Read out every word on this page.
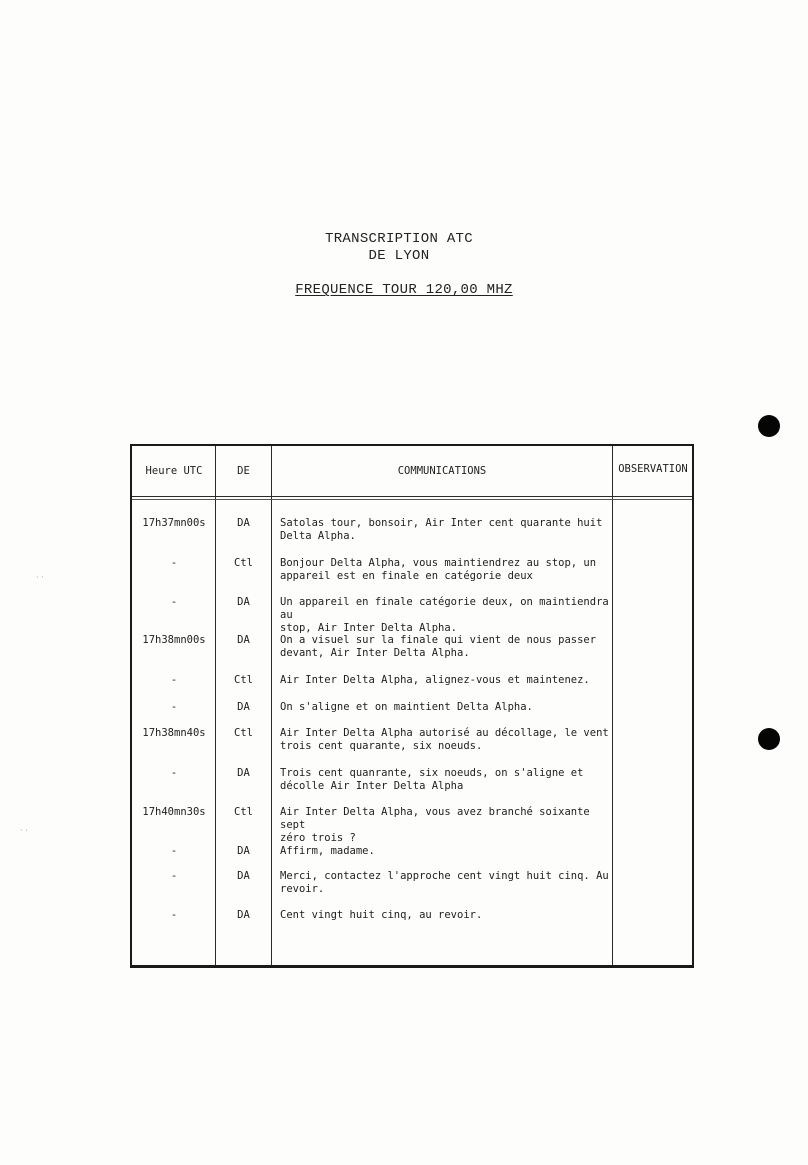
TRANSCRIPTION ATC
DE LYON
FREQUENCE TOUR 120,00 MHZ
· ·
· ·
Heure UTC	DE	COMMUNICATIONS	OBSERVATION
17h37mn00s	DA	Satolas tour, bonsoir, Air Inter cent quarante huit
Delta Alpha.
-	Ctl	Bonjour Delta Alpha, vous maintiendrez au stop, un
appareil est en finale en catégorie deux
-	DA	Un appareil en finale catégorie deux, on maintiendra au
stop, Air Inter Delta Alpha.
17h38mn00s	DA	On a visuel sur la finale qui vient de nous passer
devant, Air Inter Delta Alpha.
-	Ctl	Air Inter Delta Alpha, alignez-vous et maintenez.
-	DA	On s'aligne et on maintient Delta Alpha.
17h38mn40s	Ctl	Air Inter Delta Alpha autorisé au décollage, le vent
trois cent quarante, six noeuds.
-	DA	Trois cent quanrante, six noeuds, on s'aligne et
décolle Air Inter Delta Alpha
17h40mn30s	Ctl	Air Inter Delta Alpha, vous avez branché soixante sept
zéro trois ?
-	DA	Affirm, madame.
-	DA	Merci, contactez l'approche cent vingt huit cinq. Au
revoir.
-	DA	Cent vingt huit cinq, au revoir.
